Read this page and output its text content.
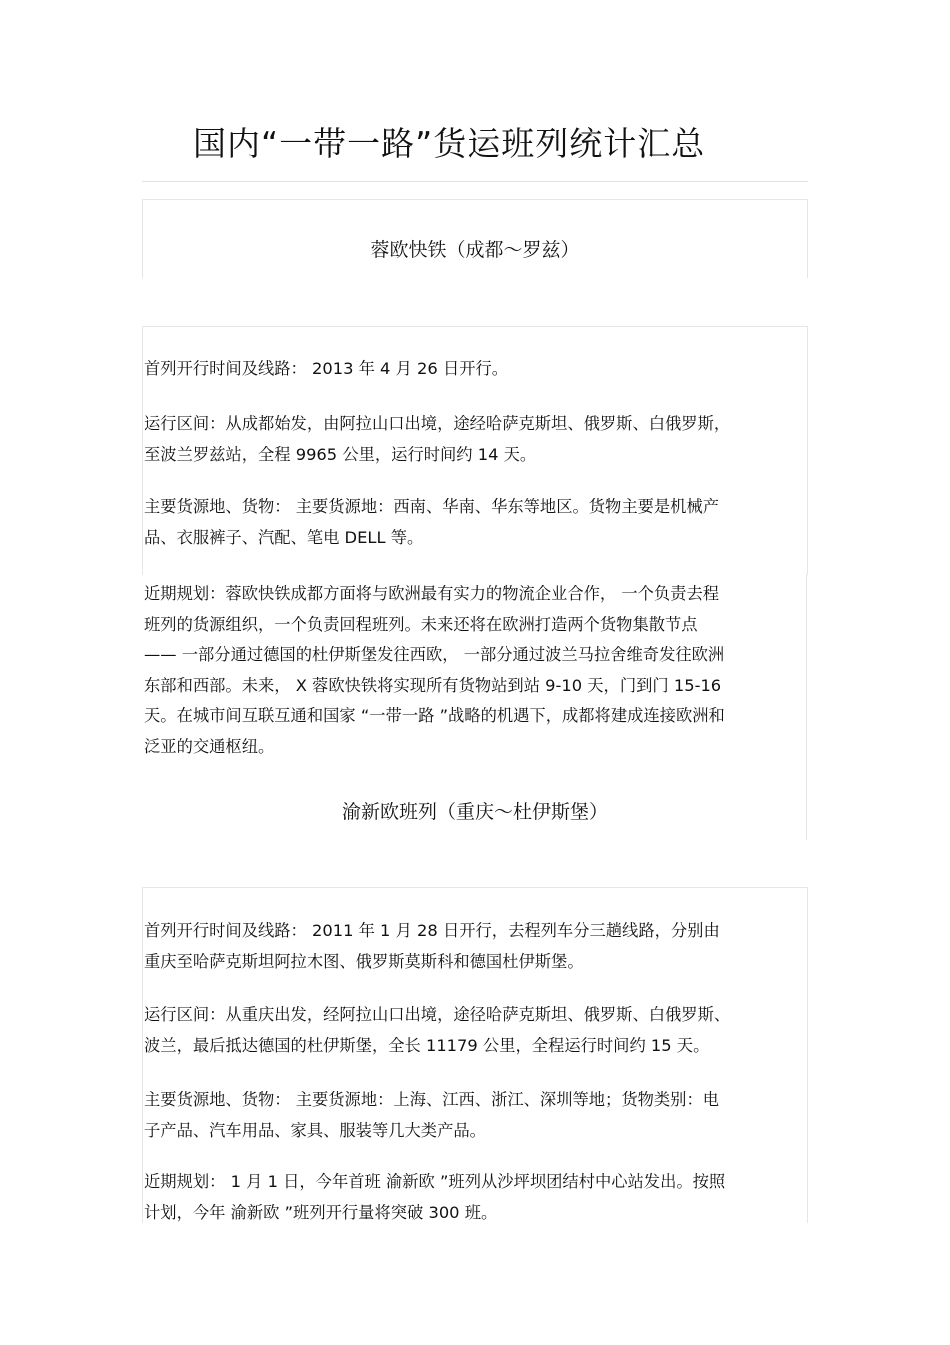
国内“一带一路”货运班列统计汇总
蓉欧快铁（成都～罗兹）
首列开行时间及线路： 2013 年 4 月 26 日开行。
运行区间：从成都始发，由阿拉山口出境，途经哈萨克斯坦、俄罗斯、白俄罗斯，
至波兰罗兹站，全程 9965 公里，运行时间约 14 天。
主要货源地、货物： 主要货源地：西南、华南、华东等地区。货物主要是机械产
品、衣服裤子、汽配、笔电 DELL 等。
近期规划：蓉欧快铁成都方面将与欧洲最有实力的物流企业合作， 一个负责去程
班列的货源组织，一个负责回程班列。未来还将在欧洲打造两个货物集散节点
—— 一部分通过德国的杜伊斯堡发往西欧， 一部分通过波兰马拉舍维奇发往欧洲
东部和西部。未来， X 蓉欧快铁将实现所有货物站到站 9-10 天，门到门 15-16
天。在城市间互联互通和国家 “一带一路 ”战略的机遇下，成都将建成连接欧洲和
泛亚的交通枢纽。
渝新欧班列（重庆～杜伊斯堡）
首列开行时间及线路： 2011 年 1 月 28 日开行，去程列车分三趟线路，分别由
重庆至哈萨克斯坦阿拉木图、俄罗斯莫斯科和德国杜伊斯堡。
运行区间：从重庆出发，经阿拉山口出境，途径哈萨克斯坦、俄罗斯、白俄罗斯、
波兰，最后抵达德国的杜伊斯堡，全长 11179 公里，全程运行时间约 15 天。
主要货源地、货物： 主要货源地：上海、江西、浙江、深圳等地；货物类别：电
子产品、汽车用品、家具、服装等几大类产品。
近期规划： 1 月 1 日，今年首班 渝新欧 ”班列从沙坪坝团结村中心站发出。按照
计划，今年 渝新欧 ”班列开行量将突破 300 班。
